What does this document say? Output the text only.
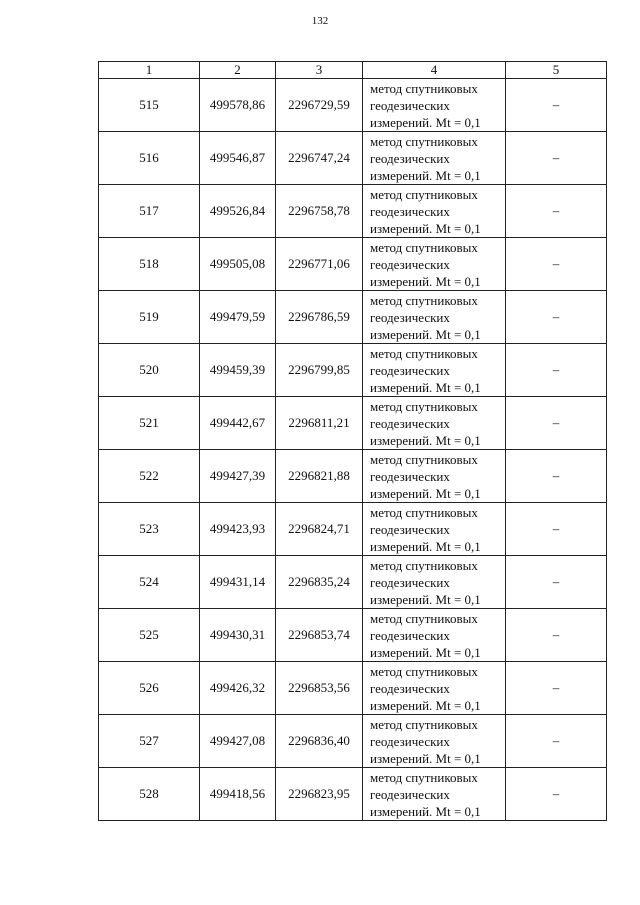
132
1	2	3	4	5
515	499578,86	2296729,59	метод спутниковых
геодезических
измерений. Mt = 0,1	–
516	499546,87	2296747,24	метод спутниковых
геодезических
измерений. Mt = 0,1	–
517	499526,84	2296758,78	метод спутниковых
геодезических
измерений. Mt = 0,1	–
518	499505,08	2296771,06	метод спутниковых
геодезических
измерений. Mt = 0,1	–
519	499479,59	2296786,59	метод спутниковых
геодезических
измерений. Mt = 0,1	–
520	499459,39	2296799,85	метод спутниковых
геодезических
измерений. Mt = 0,1	–
521	499442,67	2296811,21	метод спутниковых
геодезических
измерений. Mt = 0,1	–
522	499427,39	2296821,88	метод спутниковых
геодезических
измерений. Mt = 0,1	–
523	499423,93	2296824,71	метод спутниковых
геодезических
измерений. Mt = 0,1	–
524	499431,14	2296835,24	метод спутниковых
геодезических
измерений. Mt = 0,1	–
525	499430,31	2296853,74	метод спутниковых
геодезических
измерений. Mt = 0,1	–
526	499426,32	2296853,56	метод спутниковых
геодезических
измерений. Mt = 0,1	–
527	499427,08	2296836,40	метод спутниковых
геодезических
измерений. Mt = 0,1	–
528	499418,56	2296823,95	метод спутниковых
геодезических
измерений. Mt = 0,1	–
